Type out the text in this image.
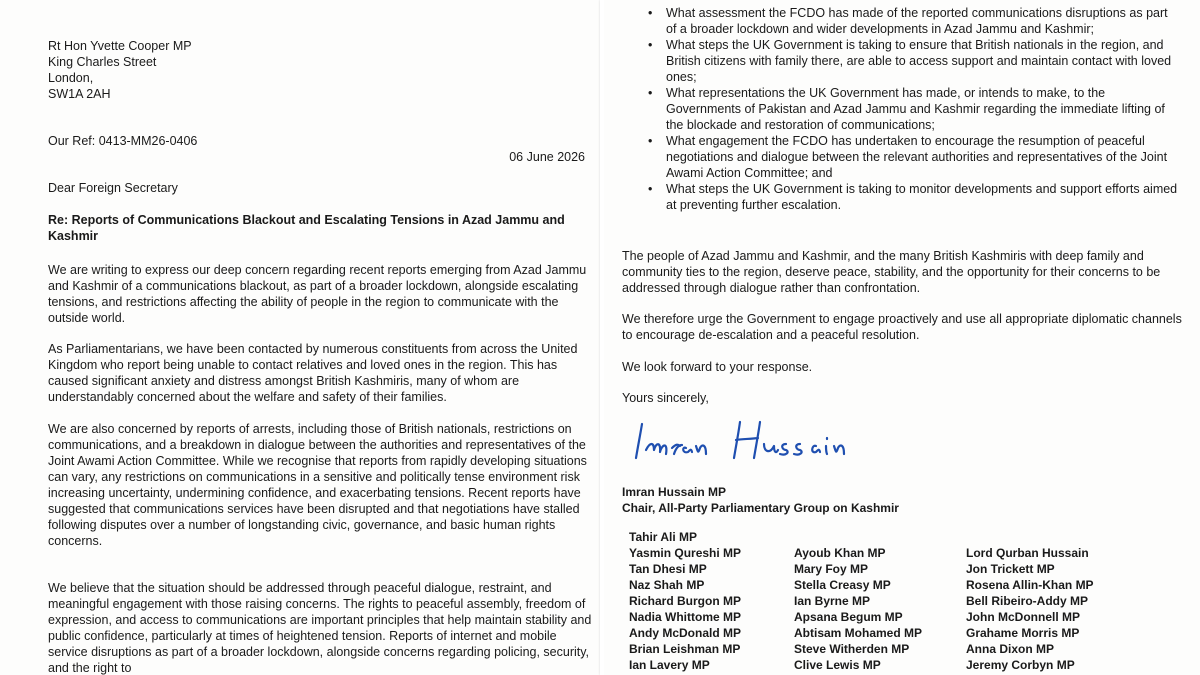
Rt Hon Yvette Cooper MP
King Charles Street
London,
SW1A 2AH
Our Ref: 0413-MM26-0406
06 June 2026
Dear Foreign Secretary
Re: Reports of Communications Blackout and Escalating Tensions in Azad Jammu and Kashmir

We are writing to express our deep concern regarding recent reports emerging from Azad Jammu and Kashmir of a communications blackout, as part of a broader lockdown, alongside escalating tensions, and restrictions affecting the ability of people in the region to communicate with the outside world.

As Parliamentarians, we have been contacted by numerous constituents from across the United Kingdom who report being unable to contact relatives and loved ones in the region. This has caused significant anxiety and distress amongst British Kashmiris, many of whom are understandably concerned about the welfare and safety of their families.

We are also concerned by reports of arrests, including those of British nationals, restrictions on communications, and a breakdown in dialogue between the authorities and representatives of the Joint Awami Action Committee. While we recognise that reports from rapidly developing situations can vary, any restrictions on communications in a sensitive and politically tense environment risk increasing uncertainty, undermining confidence, and exacerbating tensions. Recent reports have suggested that communications services have been disrupted and that negotiations have stalled following disputes over a number of longstanding civic, governance, and basic human rights concerns.

We believe that the situation should be addressed through peaceful dialogue, restraint, and meaningful engagement with those raising concerns. The rights to peaceful assembly, freedom of expression, and access to communications are important principles that help maintain stability and public confidence, particularly at times of heightened tension. Reports of internet and mobile service disruptions as part of a broader lockdown, alongside concerns regarding policing, security, and the right to

• What assessment the FCDO has made of the reported communications disruptions as part of a broader lockdown and wider developments in Azad Jammu and Kashmir;
• What steps the UK Government is taking to ensure that British nationals in the region, and British citizens with family there, are able to access support and maintain contact with loved ones;
• What representations the UK Government has made, or intends to make, to the Governments of Pakistan and Azad Jammu and Kashmir regarding the immediate lifting of the blockade and restoration of communications;
• What engagement the FCDO has undertaken to encourage the resumption of peaceful negotiations and dialogue between the relevant authorities and representatives of the Joint Awami Action Committee; and
• What steps the UK Government is taking to monitor developments and support efforts aimed at preventing further escalation.

The people of Azad Jammu and Kashmir, and the many British Kashmiris with deep family and community ties to the region, deserve peace, stability, and the opportunity for their concerns to be addressed through dialogue rather than confrontation.

We therefore urge the Government to engage proactively and use all appropriate diplomatic channels to encourage de-escalation and a peaceful resolution.

We look forward to your response.

Yours sincerely,

Imran Hussain
Imran Hussain MP
Chair, All-Party Parliamentary Group on Kashmir
Tahir Ali MP
Yasmin Qureshi MP
Tan Dhesi MP
Naz Shah MP
Richard Burgon MP
Nadia Whittome MP
Andy McDonald MP
Brian Leishman MP
Ian Lavery MP
Ayoub Khan MP
Mary Foy MP
Stella Creasy MP
Ian Byrne MP
Apsana Begum MP
Abtisam Mohamed MP
Steve Witherden MP
Clive Lewis MP
Lord Qurban Hussain
Jon Trickett MP
Rosena Allin-Khan MP
Bell Ribeiro-Addy MP
John McDonnell MP
Grahame Morris MP
Anna Dixon MP
Jeremy Corbyn MP
